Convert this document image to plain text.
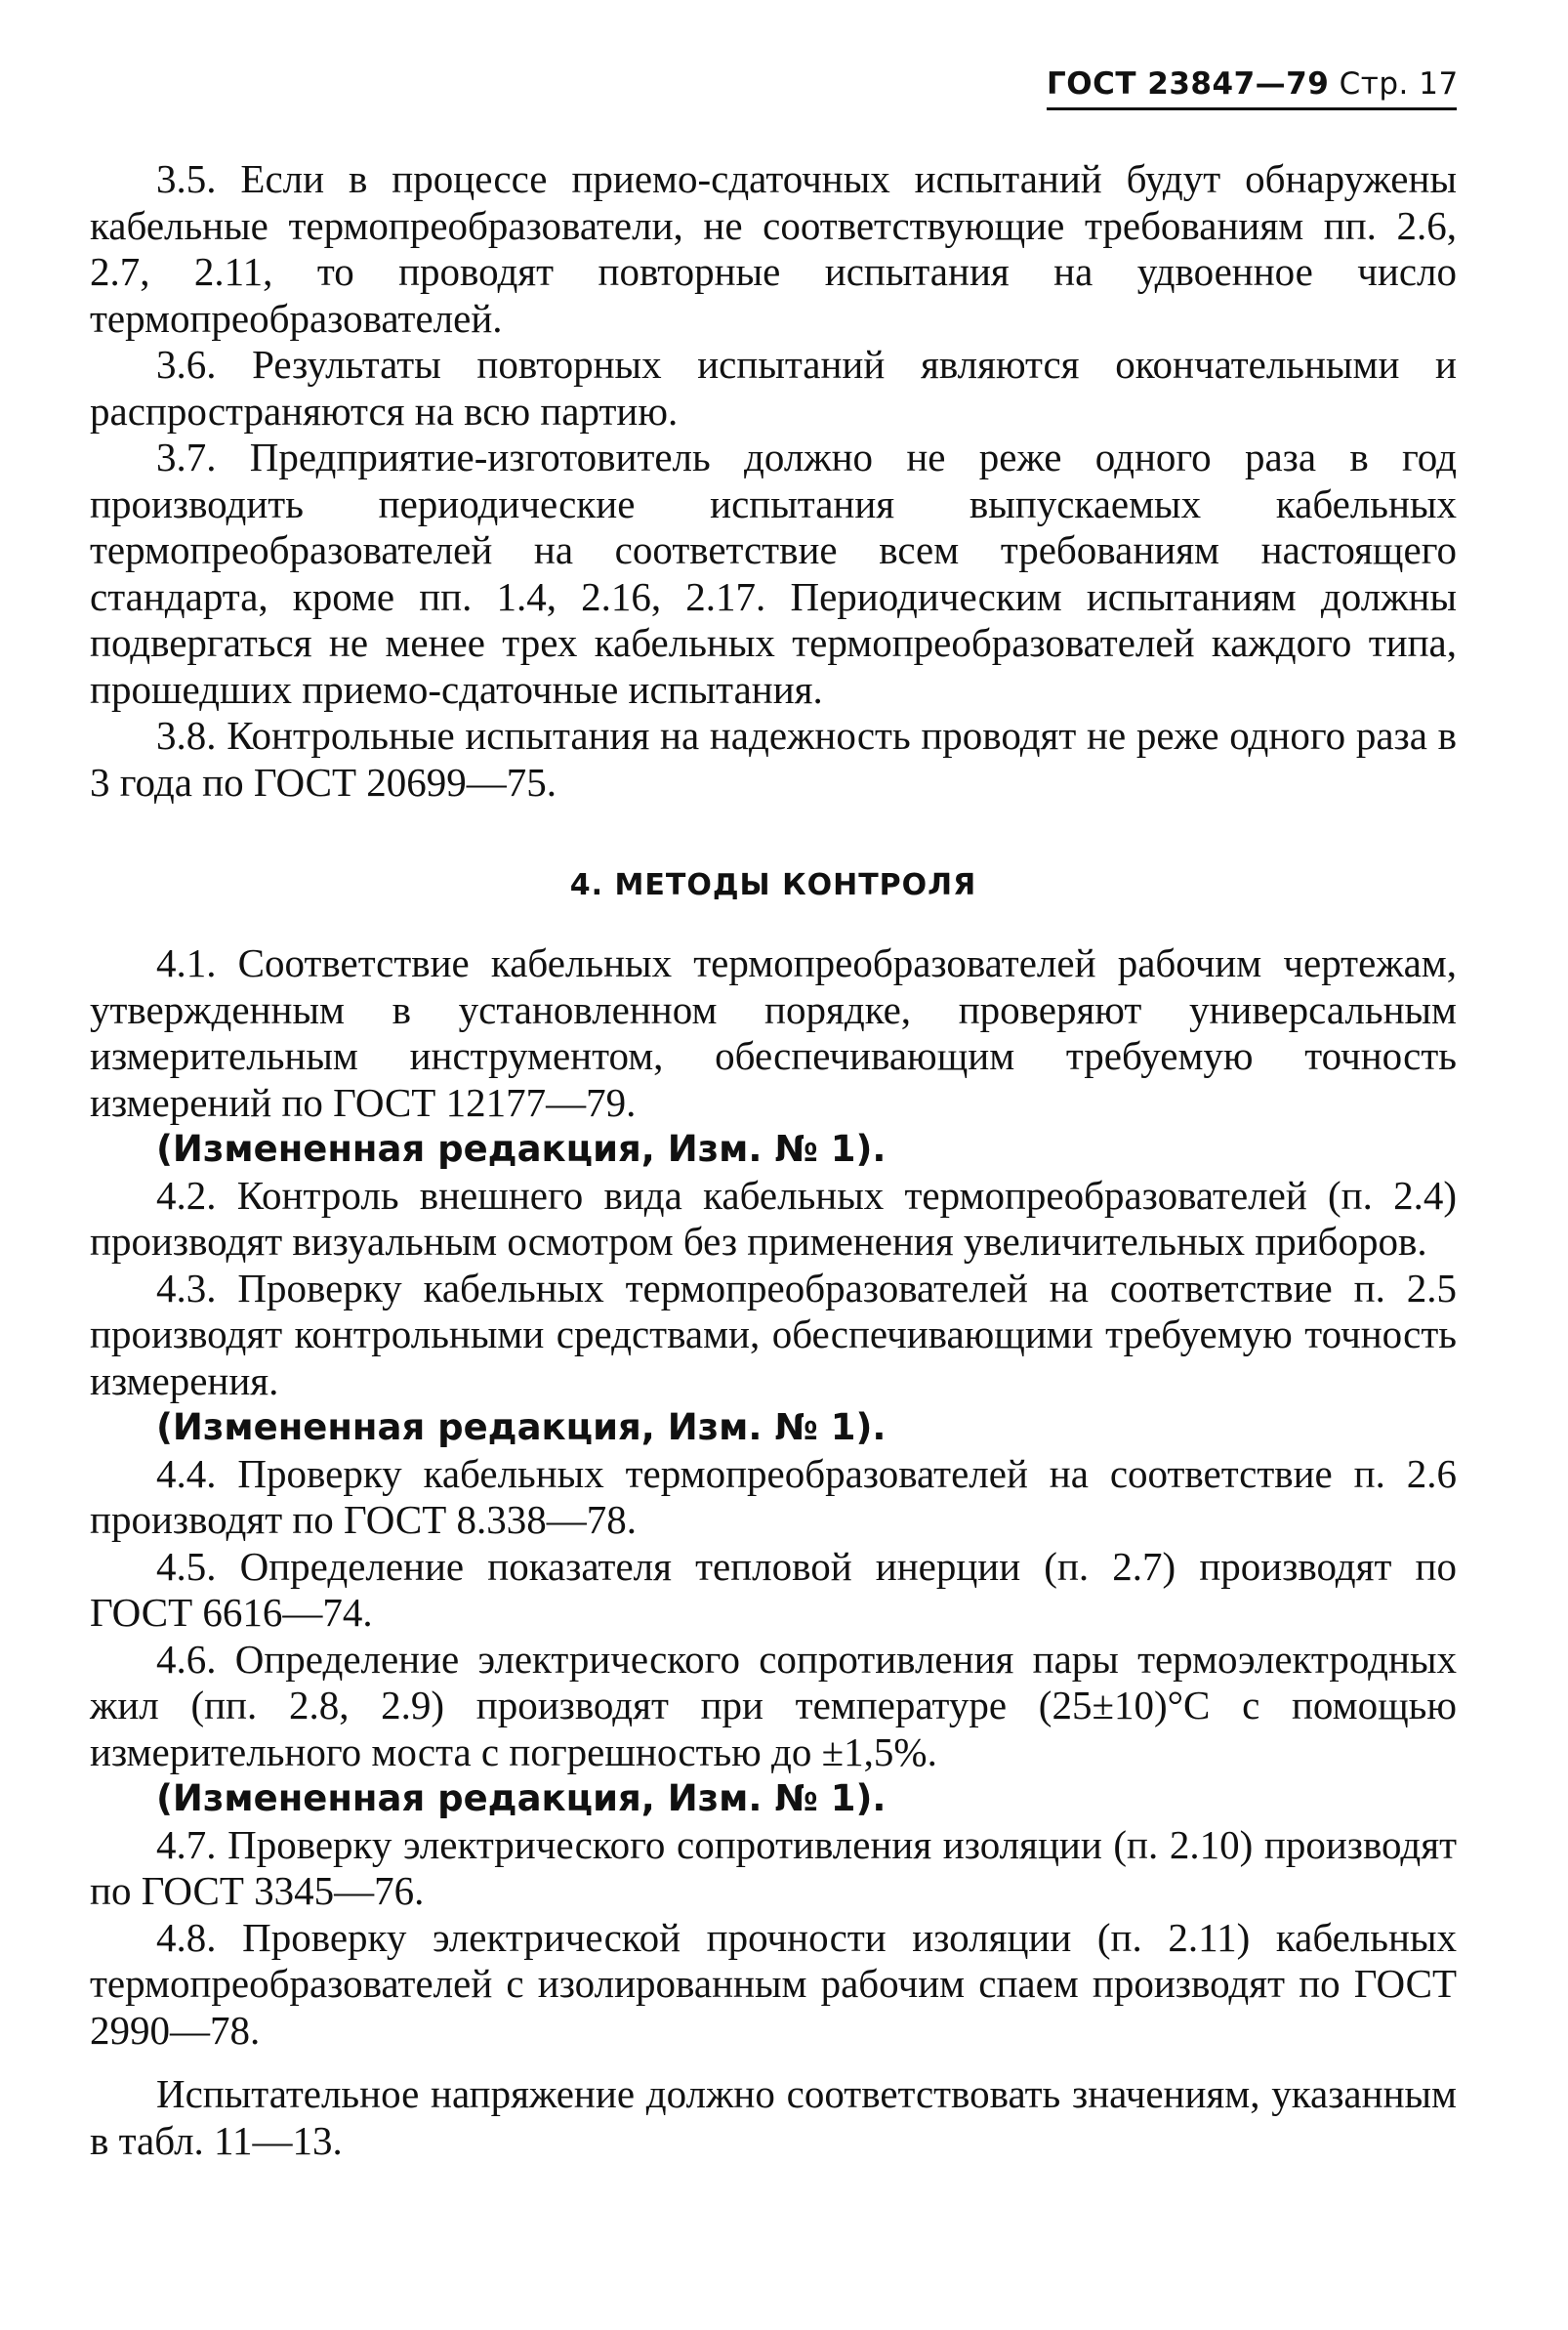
ГОСТ 23847—79 Стр. 17

3.5. Если в процессе приемо-сдаточных испытаний будут обнаружены кабельные термопреобразователи, не соответствующие требованиям пп. 2.6, 2.7, 2.11, то проводят повторные испытания на удвоенное число термопреобразователей.

3.6. Результаты повторных испытаний являются окончательными и распространяются на всю партию.

3.7. Предприятие-изготовитель должно не реже одного раза в год производить периодические испытания выпускаемых кабельных термопреобразователей на соответствие всем требованиям настоящего стандарта, кроме пп. 1.4, 2.16, 2.17. Периодическим испытаниям должны подвергаться не менее трех кабельных термопреобразователей каждого типа, прошедших приемо-сдаточные испытания.

3.8. Контрольные испытания на надежность проводят не реже одного раза в 3 года по ГОСТ 20699—75.

4. МЕТОДЫ КОНТРОЛЯ

4.1. Соответствие кабельных термопреобразователей рабочим чертежам, утвержденным в установленном порядке, проверяют универсальным измерительным инструментом, обеспечивающим требуемую точность измерений по ГОСТ 12177—79.

(Измененная редакция, Изм. № 1).

4.2. Контроль внешнего вида кабельных термопреобразователей (п. 2.4) производят визуальным осмотром без применения увеличительных приборов.

4.3. Проверку кабельных термопреобразователей на соответствие п. 2.5 производят контрольными средствами, обеспечивающими требуемую точность измерения.

(Измененная редакция, Изм. № 1).

4.4. Проверку кабельных термопреобразователей на соответствие п. 2.6 производят по ГОСТ 8.338—78.

4.5. Определение показателя тепловой инерции (п. 2.7) производят по ГОСТ 6616—74.

4.6. Определение электрического сопротивления пары термоэлектродных жил (пп. 2.8, 2.9) производят при температуре (25±10)°С с помощью измерительного моста с погрешностью до ±1,5%.

(Измененная редакция, Изм. № 1).

4.7. Проверку электрического сопротивления изоляции (п. 2.10) производят по ГОСТ 3345—76.

4.8. Проверку электрической прочности изоляции (п. 2.11) кабельных термопреобразователей с изолированным рабочим спаем производят по ГОСТ 2990—78.

Испытательное напряжение должно соответствовать значениям, указанным в табл. 11—13.
